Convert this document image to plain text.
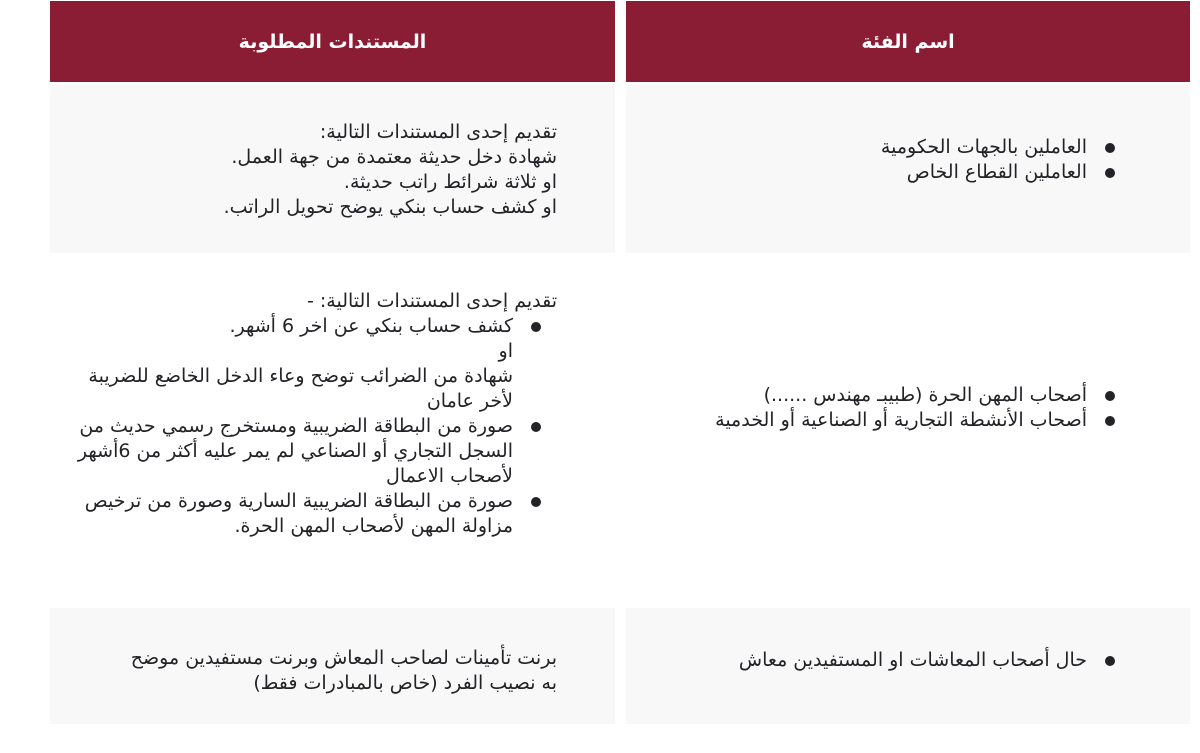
المستندات المطلوبة	اسم الفئة

تقديم إحدى المستندات التالية:

شهادة دخل حديثة معتمدة من جهة العمل.

او ثلاثة شرائط راتب حديثة.

او كشف حساب بنكي يوضح تحويل الراتب.

العاملين بالجهات الحكومية
العاملين القطاع الخاص

تقديم إحدى المستندات التالية: -

كشف حساب بنكي عن اخر 6 أشهر.
او
شهادة من الضرائب توضح وعاء الدخل الخاضع للضريبة لأخر عامان
صورة من البطاقة الضريبية ومستخرج رسمي حديث من السجل التجاري أو الصناعي لم يمر عليه أكثر من 6أشهر لأصحاب الاعمال
صورة من البطاقة الضريبية السارية وصورة من ترخيص مزاولة المهن لأصحاب المهن الحرة.
أصحاب المهن الحرة (طبيبـ مهندس ......)
أصحاب الأنشطة التجارية أو الصناعية أو الخدمية

برنت تأمينات لصاحب المعاش وبرنت مستفيدين موضح به نصيب الفرد (خاص بالمبادرات فقط)

حال أصحاب المعاشات او المستفيدين معاش
